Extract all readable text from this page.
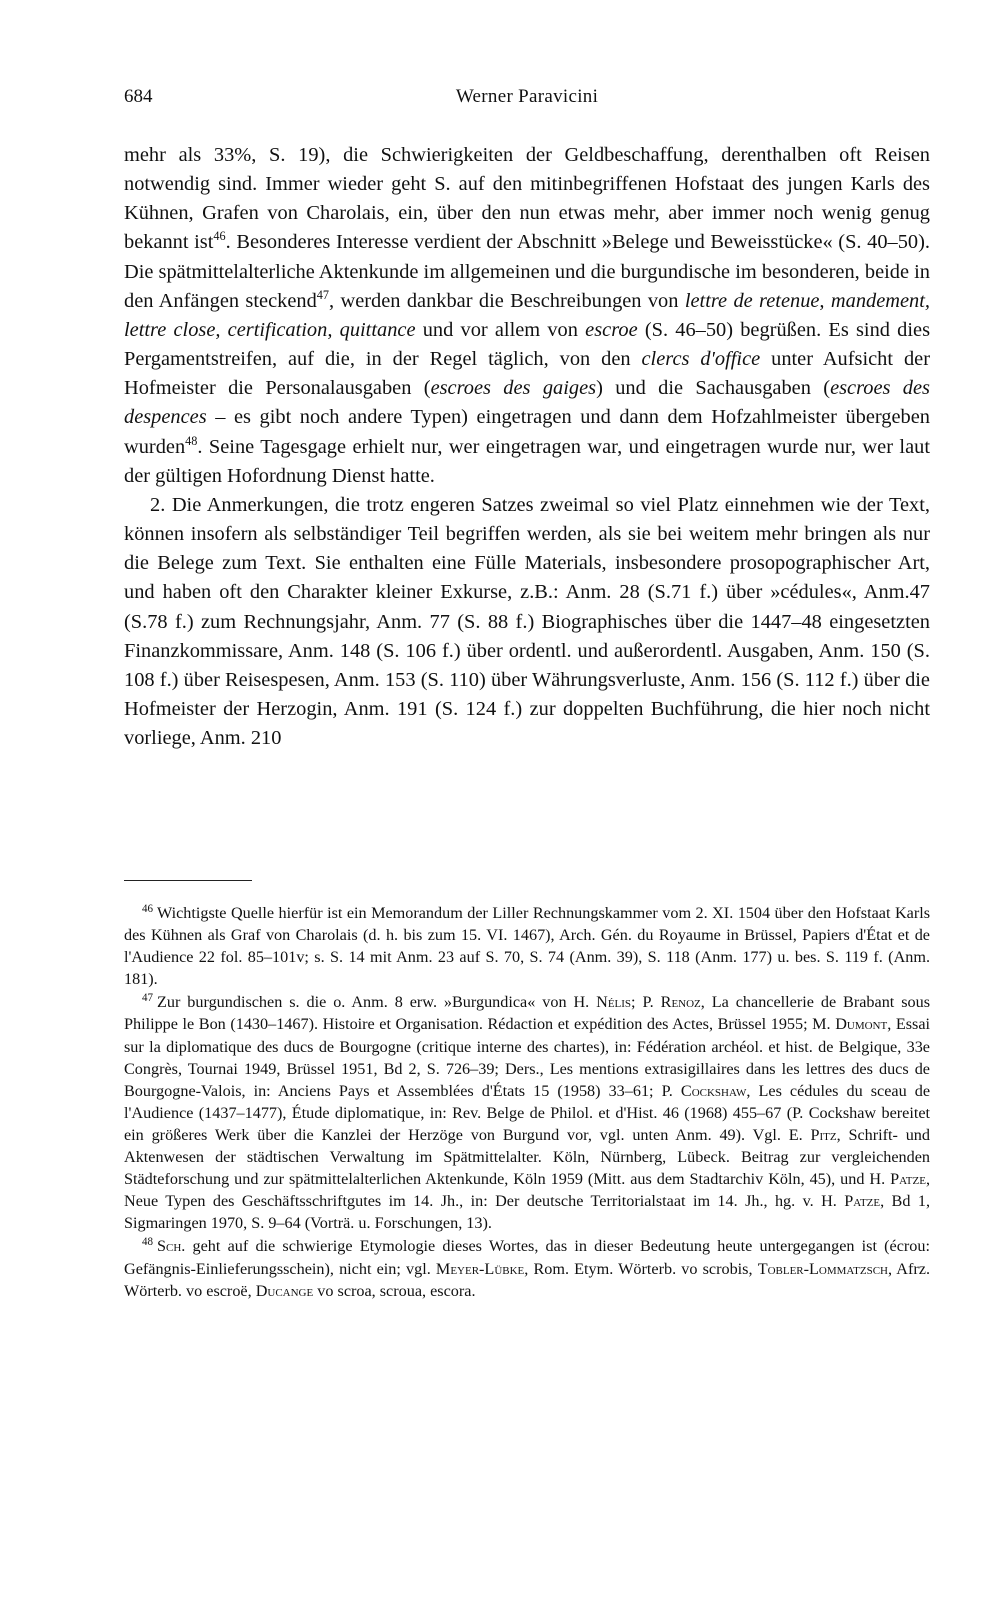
684	Werner Paravicini

mehr als 33%, S. 19), die Schwierigkeiten der Geldbeschaffung, derenthalben oft Reisen notwendig sind. Immer wieder geht S. auf den mitinbegriffenen Hofstaat des jungen Karls des Kühnen, Grafen von Charolais, ein, über den nun etwas mehr, aber immer noch wenig genug bekannt ist$^{46}$. Besonderes Interesse verdient der Abschnitt »Belege und Beweisstücke« (S. 40–50). Die spätmittelalterliche Aktenkunde im allgemeinen und die burgundische im besonderen, beide in den Anfängen steckend$^{47}$, werden dankbar die Beschreibungen von lettre de retenue, mandement, lettre close, certification, quittance und vor allem von escroe (S. 46–50) begrüßen. Es sind dies Pergamentstreifen, auf die, in der Regel täglich, von den clercs d'office unter Aufsicht der Hofmeister die Personalausgaben (escroes des gaiges) und die Sachausgaben (escroes des despences – es gibt noch andere Typen) eingetragen und dann dem Hofzahlmeister übergeben wurden$^{48}$. Seine Tagesgage erhielt nur, wer eingetragen war, und eingetragen wurde nur, wer laut der gültigen Hofordnung Dienst hatte.

2. Die Anmerkungen, die trotz engeren Satzes zweimal so viel Platz einnehmen wie der Text, können insofern als selbständiger Teil begriffen werden, als sie bei weitem mehr bringen als nur die Belege zum Text. Sie enthalten eine Fülle Materials, insbesondere prosopographischer Art, und haben oft den Charakter kleiner Exkurse, z.B.: Anm. 28 (S.71 f.) über »cédules«, Anm.47 (S.78 f.) zum Rechnungsjahr, Anm. 77 (S. 88 f.) Biographisches über die 1447–48 eingesetzten Finanzkommissare, Anm. 148 (S. 106 f.) über ordentl. und außerordentl. Ausgaben, Anm. 150 (S. 108 f.) über Reisespesen, Anm. 153 (S. 110) über Währungsverluste, Anm. 156 (S. 112 f.) über die Hofmeister der Herzogin, Anm. 191 (S. 124 f.) zur doppelten Buchführung, die hier noch nicht vorliege, Anm. 210

$^{46}$ Wichtigste Quelle hierfür ist ein Memorandum der Liller Rechnungskammer vom 2. XI. 1504 über den Hofstaat Karls des Kühnen als Graf von Charolais (d. h. bis zum 15. VI. 1467), Arch. Gén. du Royaume in Brüssel, Papiers d'État et de l'Audience 22 fol. 85–101v; s. S. 14 mit Anm. 23 auf S. 70, S. 74 (Anm. 39), S. 118 (Anm. 177) u. bes. S. 119 f. (Anm. 181).

$^{47}$ Zur burgundischen s. die o. Anm. 8 erw. »Burgundica« von H. Nélis; P. Renoz, La chancellerie de Brabant sous Philippe le Bon (1430–1467). Histoire et Organisation. Rédaction et expédition des Actes, Brüssel 1955; M. Dumont, Essai sur la diplomatique des ducs de Bourgogne (critique interne des chartes), in: Fédération archéol. et hist. de Belgique, 33e Congrès, Tournai 1949, Brüssel 1951, Bd 2, S. 726–39; Ders., Les mentions extrasigillaires dans les lettres des ducs de Bourgogne-Valois, in: Anciens Pays et Assemblées d'États 15 (1958) 33–61; P. Cockshaw, Les cédules du sceau de l'Audience (1437–1477), Étude diplomatique, in: Rev. Belge de Philol. et d'Hist. 46 (1968) 455–67 (P. Cockshaw bereitet ein größeres Werk über die Kanzlei der Herzöge von Burgund vor, vgl. unten Anm. 49). Vgl. E. Pitz, Schrift- und Aktenwesen der städtischen Verwaltung im Spätmittelalter. Köln, Nürnberg, Lübeck. Beitrag zur vergleichenden Städteforschung und zur spätmittelalterlichen Aktenkunde, Köln 1959 (Mitt. aus dem Stadtarchiv Köln, 45), und H. Patze, Neue Typen des Geschäftsschriftgutes im 14. Jh., in: Der deutsche Territorialstaat im 14. Jh., hg. v. H. Patze, Bd 1, Sigmaringen 1970, S. 9–64 (Vorträ. u. Forschungen, 13).

$^{48}$ Sch. geht auf die schwierige Etymologie dieses Wortes, das in dieser Bedeutung heute untergegangen ist (écrou: Gefängnis-Einlieferungsschein), nicht ein; vgl. Meyer-Lübke, Rom. Etym. Wörterb. vo scrobis, Tobler-Lommatzsch, Afrz. Wörterb. vo escroë, Ducange vo scroa, scroua, escora.
